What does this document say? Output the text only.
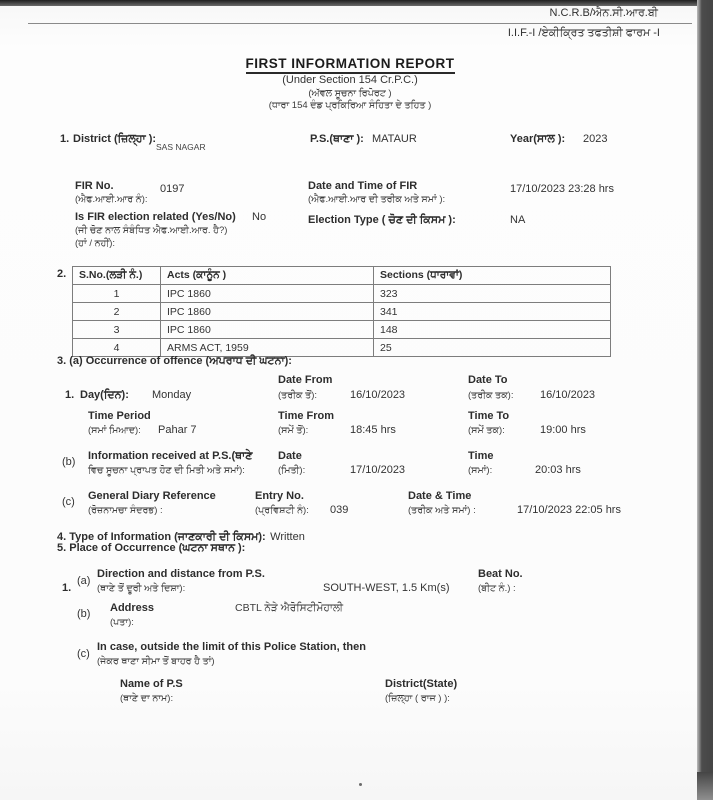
N.C.R.B/ਐਨ.ਸੀ.ਆਰ.ਬੀ
I.I.F.-I /ਏਕੀਕ੍ਰਿਤ ਤਫਤੀਸ਼ੀ ਫਾਰਮ -I
FIRST INFORMATION REPORT
(Under Section 154 Cr.P.C.)
(ਅੱਵਲ ਸੂਚਨਾ ਰਿਪੋਰਟ )
(ਧਾਰਾ 154 ਦੰਡ ਪ੍ਰਕਿਰਿਆ ਸੰਹਿਤਾ ਦੇ ਤਹਿਤ )
1. District (ਜ਼ਿਲ੍ਹਾ ):
SAS NAGAR
P.S.(ਥਾਣਾ ): MATAUR	Year(ਸਾਲ ): 2023
FIR No.
(ਐਫ.ਆਈ.ਆਰ ਨੰ):
0197	Date and Time of FIR
(ਐਫ.ਆਈ.ਆਰ ਦੀ ਤਰੀਕ ਅਤੇ ਸਮਾਂ ):
17/10/2023 23:28 hrs
Is FIR election related (Yes/No) No
(ਜੀ ਚੋਣ ਨਾਲ ਸੰਬੰਧਿਤ ਐਫ.ਆਈ.ਆਰ. ਹੈ?)
(ਹਾਂ / ਨਹੀਂ):
Election Type ( ਚੋਣ ਦੀ ਕਿਸਮ ):	NA
2. S.No.(ਲੜੀ ਨੰ.)	Acts (ਕਾਨੂੰਨ )	Sections (ਧਾਰਾਵਾਂ)
1	IPC 1860	323
2	IPC 1860	341
3	IPC 1860	148
4	ARMS ACT, 1959	25
3. (a) Occurrence of offence (ਅਪਰਾਧ ਦੀ ਘਟਨਾ):
Date From	Date To
1. Day(ਦਿਨ): Monday	(ਤਰੀਕ ਤੋਂ):	16/10/2023	(ਤਰੀਕ ਤਕ): 16/10/2023
Time Period
(ਸਮਾਂ ਮਿਆਦ): Pahar 7
Time From
(ਸਮੇਂ ਤੋਂ):	18:45 hrs
Time To
(ਸਮੇਂ ਤਕ):	19:00 hrs
(b) Information received at P.S.(ਥਾਣੇ
ਵਿਚ ਸੂਚਨਾ ਪ੍ਰਾਪਤ ਹੋਣ ਦੀ ਮਿਤੀ ਅਤੇ ਸਮਾਂ):
Date
(ਮਿਤੀ):	17/10/2023
Time
(ਸਮਾਂ):	20:03 hrs
(c) General Diary Reference
(ਰੋਜ਼ਨਾਮਚਾ ਸੰਦਰਭ) :
Entry No.
(ਪ੍ਰਵਿਸ਼ਟੀ ਨੰ): 039
Date & Time
(ਤਰੀਕ ਅਤੇ ਸਮਾਂ) :	17/10/2023 22:05 hrs
4. Type of Information (ਜਾਣਕਾਰੀ ਦੀ ਕਿਸਮ): Written
5. Place of Occurrence (ਘਟਨਾ ਸਥਾਨ ):
1.
(a)
Direction and distance from P.S.
(ਥਾਣੇ ਤੋਂ ਦੂਰੀ ਅਤੇ ਦਿਸ਼ਾ):	SOUTH-WEST, 1.5 Km(s)
Beat No.
(ਬੀਟ ਨੰ.) :
(b) Address
(ਪਤਾ):
CBTL ਨੇੜੇ ਐਰੋਸਿਟੀਮੋਹਾਲੀ
(c)
In case, outside the limit of this Police Station, then
(ਜੇਕਰ ਥਾਣਾ ਸੀਮਾ ਤੋਂ ਬਾਹਰ ਹੈ ਤਾਂ)
Name of P.S
(ਥਾਣੇ ਦਾ ਨਾਮ):
District(State)
(ਜ਼ਿਲ੍ਹਾ ( ਰਾਜ ) ):
